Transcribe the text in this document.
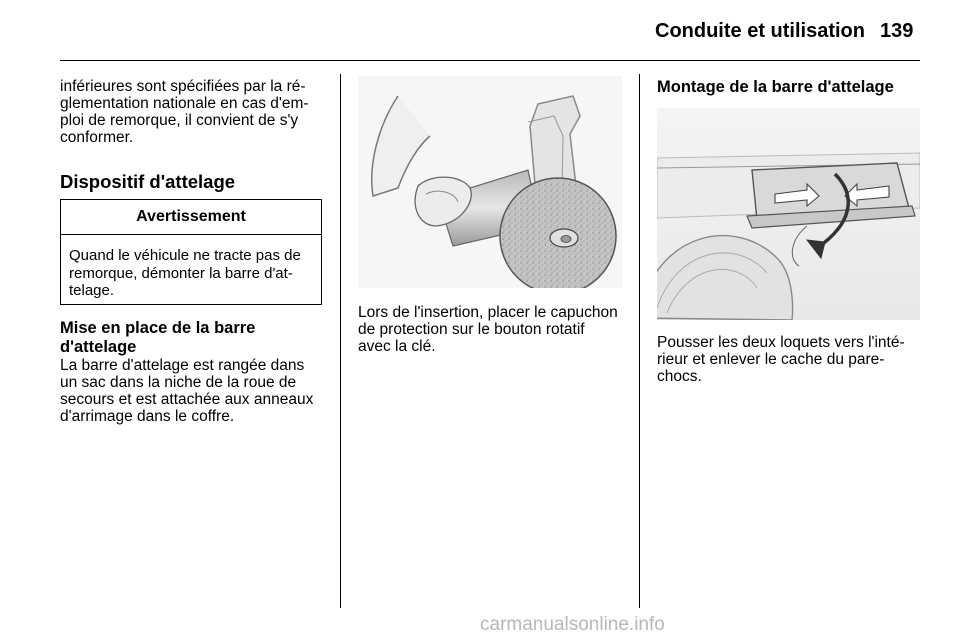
Conduite et utilisation 139

inférieures sont spécifiées par la ré-

glementation nationale en cas d'em-

ploi de remorque, il convient de s'y

conformer.

Dispositif d'attelage

Avertissement
Quand le véhicule ne tracte pas de
remorque, démonter la barre d'at-
telage.

Mise en place de la barre

d'attelage

La barre d'attelage est rangée dans

un sac dans la niche de la roue de

secours et est attachée aux anneaux

d'arrimage dans le coffre.

Lors de l'insertion, placer le capuchon

de protection sur le bouton rotatif

avec la clé.

Montage de la barre d'attelage

Pousser les deux loquets vers l'inté-

rieur et enlever le cache du pare-

chocs.

carmanualsonline.info
